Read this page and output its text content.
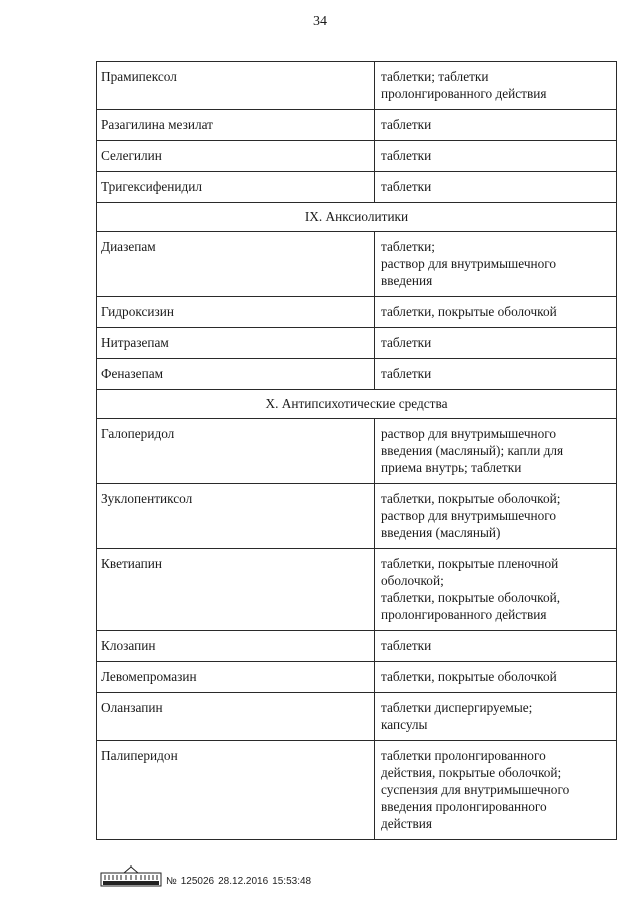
34
Прамипексол	таблетки; таблетки
пролонгированного действия
Разагилина мезилат	таблетки
Селегилин	таблетки
Тригексифенидил	таблетки
IX. Анксиолитики	
Диазепам	таблетки;
раствор для внутримышечного
введения
Гидроксизин	таблетки, покрытые оболочкой
Нитразепам	таблетки
Феназепам	таблетки
X. Антипсихотические средства	
Галоперидол	раствор для внутримышечного
введения (масляный); капли для
приема внутрь; таблетки
Зуклопентиксол	таблетки, покрытые оболочкой;
раствор для внутримышечного
введения (масляный)
Кветиапин	таблетки, покрытые пленочной
оболочкой;
таблетки, покрытые оболочкой,
пролонгированного действия
Клозапин	таблетки
Левомепромазин	таблетки, покрытые оболочкой
Оланзапин	таблетки диспергируемые;
капсулы
Палиперидон	таблетки пролонгированного
действия, покрытые оболочкой;
суспензия для внутримышечного
введения пролонгированного
действия
№ 125026 28.12.2016 15:53:48
